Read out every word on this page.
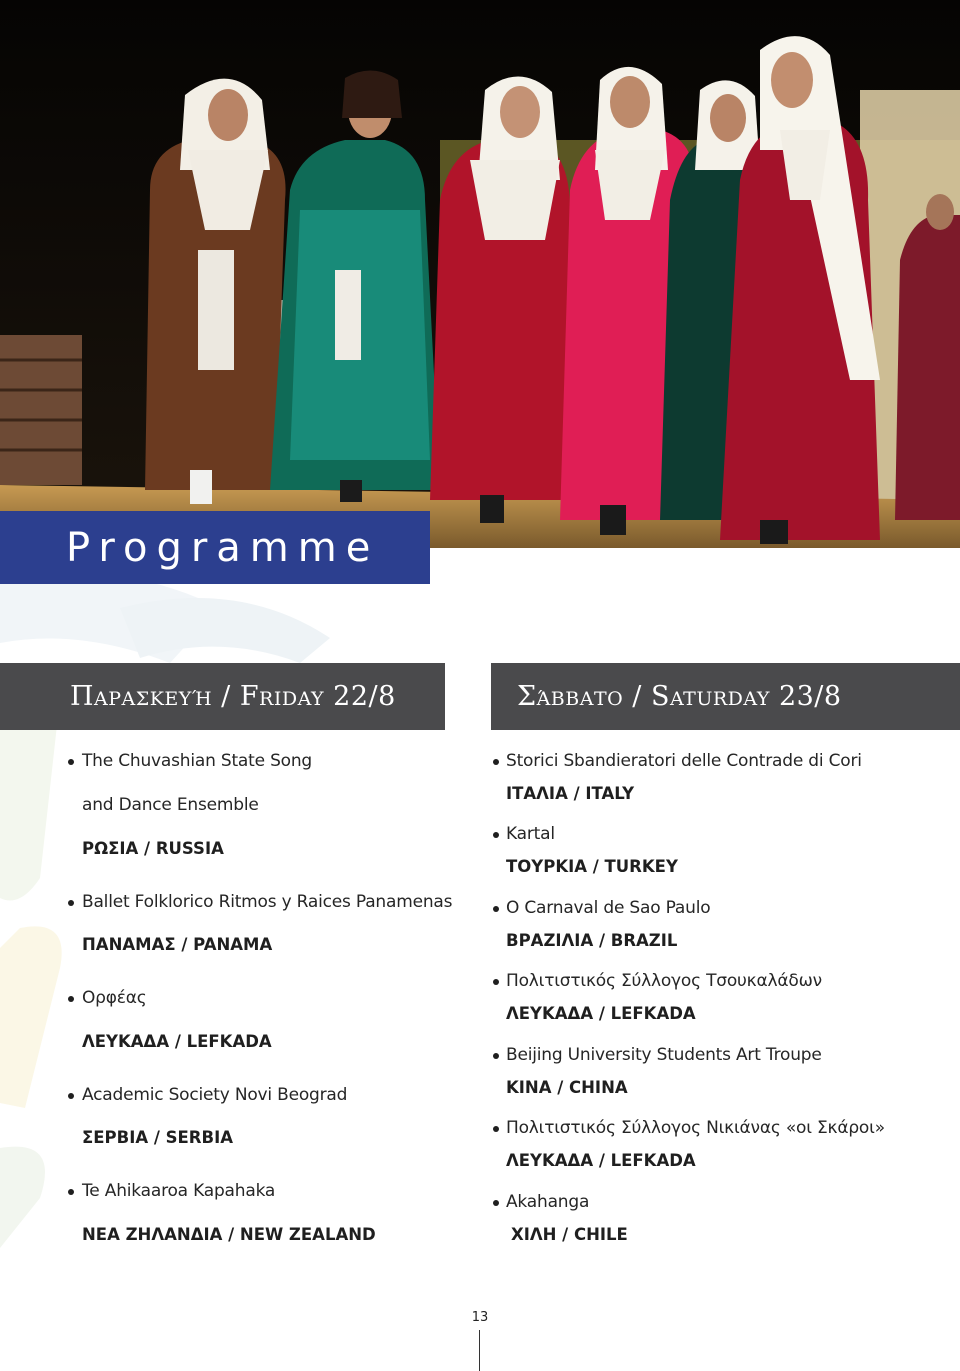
Programme
Παρασκευή / Friday 22/8	Σάββατο / Saturday 23/8
The Chuvashian State Song
and Dance Ensemble
ΡΩΣΙΑ / RUSSIA
Ballet Folklorico Ritmos y Raices Panamenas
ΠΑΝΑΜΑΣ / PANAMA
Ορφέας
ΛΕΥΚΑΔΑ / LEFKADA
Academic Society Novi Beograd
ΣΕΡΒΙΑ / SERBIA
Te Ahikaaroa Kapahaka
ΝΕΑ ΖΗΛΑΝΔΙΑ / NEW ZEALAND
Storici Sbandieratori delle Contrade di Cori
ΙΤΑΛΙΑ / ITALY
Kartal
ΤΟΥΡΚΙΑ / TURKEY
O Carnaval de Sao Paulo
ΒΡΑΖΙΛΙΑ / BRAZIL
Πολιτιστικός Σύλλογος Τσουκαλάδων
ΛΕΥΚΑΔΑ / LEFKADA
Beijing University Students Art Troupe
ΚΙΝΑ / CHINA
Πολιτιστικός Σύλλογος Νικιάνας «οι Σκάροι»
ΛΕΥΚΑΔΑ / LEFKADA
Akahanga
ΧΙΛΗ / CHILE
13
